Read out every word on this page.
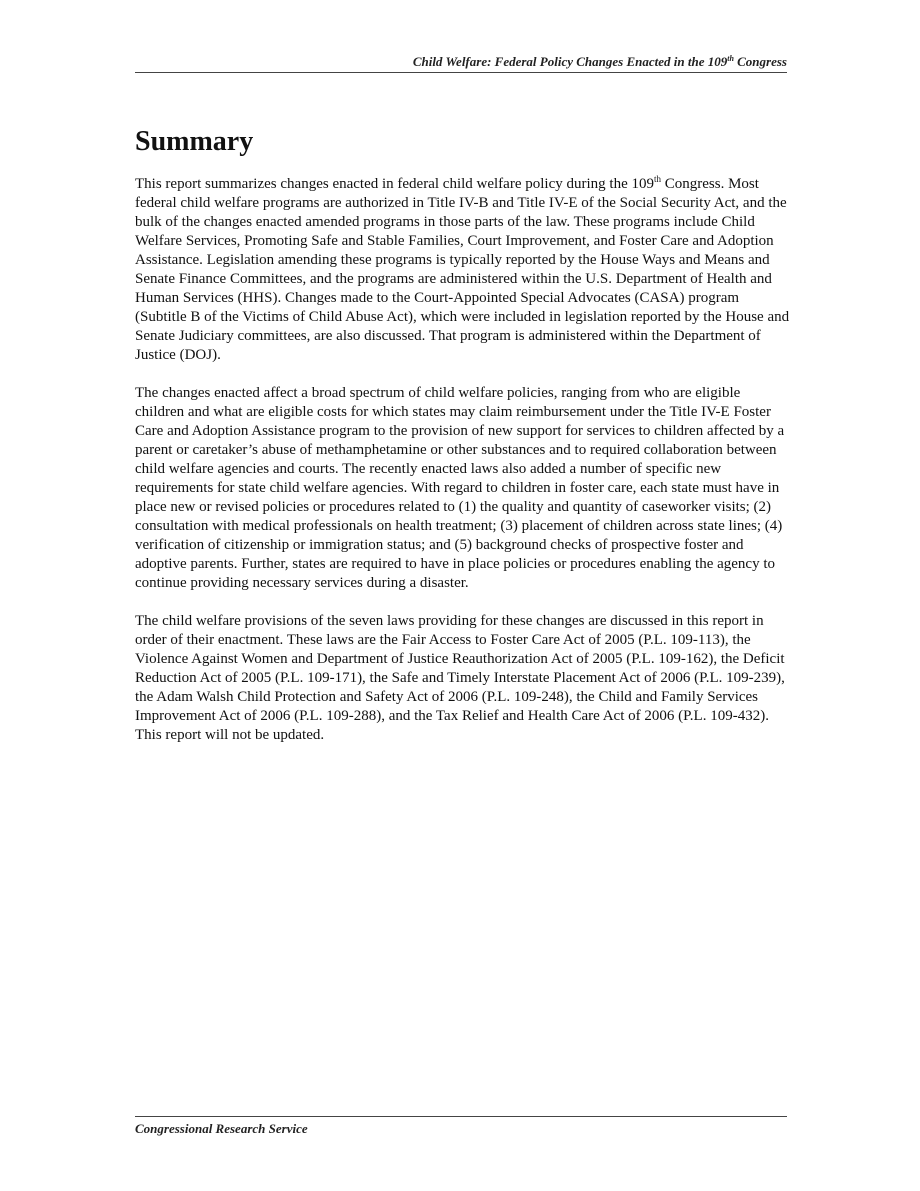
Child Welfare: Federal Policy Changes Enacted in the 109th Congress
Summary

This report summarizes changes enacted in federal child welfare policy during the 109th Congress. Most federal child welfare programs are authorized in Title IV-B and Title IV-E of the Social Security Act, and the bulk of the changes enacted amended programs in those parts of the law. These programs include Child Welfare Services, Promoting Safe and Stable Families, Court Improvement, and Foster Care and Adoption Assistance. Legislation amending these programs is typically reported by the House Ways and Means and Senate Finance Committees, and the programs are administered within the U.S. Department of Health and Human Services (HHS). Changes made to the Court-Appointed Special Advocates (CASA) program (Subtitle B of the Victims of Child Abuse Act), which were included in legislation reported by the House and Senate Judiciary committees, are also discussed. That program is administered within the Department of Justice (DOJ).

The changes enacted affect a broad spectrum of child welfare policies, ranging from who are eligible children and what are eligible costs for which states may claim reimbursement under the Title IV-E Foster Care and Adoption Assistance program to the provision of new support for services to children affected by a parent or caretaker’s abuse of methamphetamine or other substances and to required collaboration between child welfare agencies and courts. The recently enacted laws also added a number of specific new requirements for state child welfare agencies. With regard to children in foster care, each state must have in place new or revised policies or procedures related to (1) the quality and quantity of caseworker visits; (2) consultation with medical professionals on health treatment; (3) placement of children across state lines; (4) verification of citizenship or immigration status; and (5) background checks of prospective foster and adoptive parents. Further, states are required to have in place policies or procedures enabling the agency to continue providing necessary services during a disaster.

The child welfare provisions of the seven laws providing for these changes are discussed in this report in order of their enactment. These laws are the Fair Access to Foster Care Act of 2005 (P.L. 109-113), the Violence Against Women and Department of Justice Reauthorization Act of 2005 (P.L. 109-162), the Deficit Reduction Act of 2005 (P.L. 109-171), the Safe and Timely Interstate Placement Act of 2006 (P.L. 109-239), the Adam Walsh Child Protection and Safety Act of 2006 (P.L. 109-248), the Child and Family Services Improvement Act of 2006 (P.L. 109-288), and the Tax Relief and Health Care Act of 2006 (P.L. 109-432). This report will not be updated.

Congressional Research Service
